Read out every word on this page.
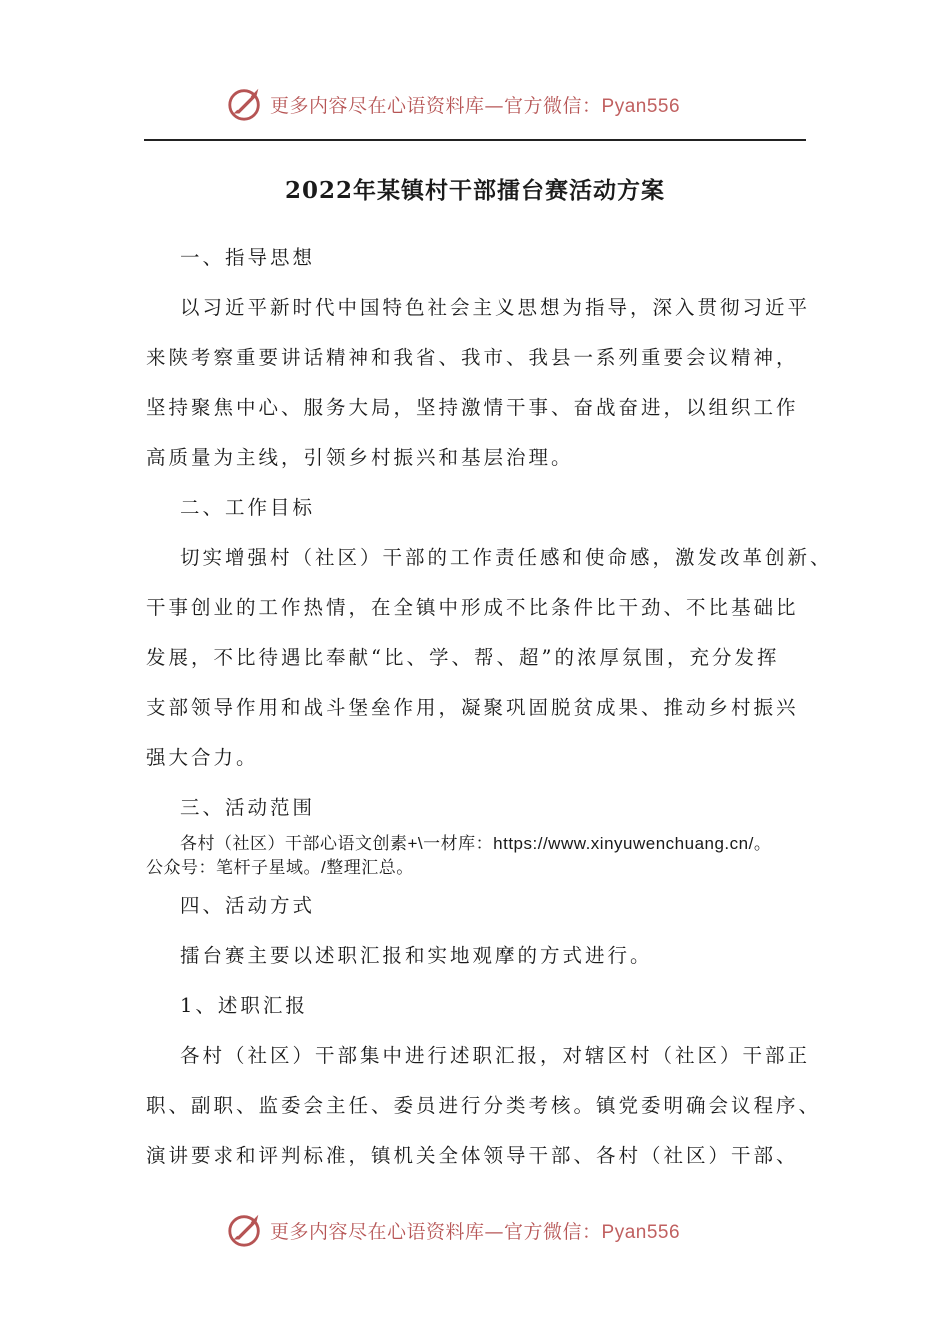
更多内容尽在心语资料库—官方微信：Pyan556
2022年某镇村干部擂台赛活动方案
一、指导思想
以习近平新时代中国特色社会主义思想为指导，深入贯彻习近平
来陕考察重要讲话精神和我省、我市、我县一系列重要会议精神，
坚持聚焦中心、服务大局，坚持激情干事、奋战奋进，以组织工作
高质量为主线，引领乡村振兴和基层治理。
二、工作目标
切实增强村（社区）干部的工作责任感和使命感，激发改革创新、
干事创业的工作热情，在全镇中形成不比条件比干劲、不比基础比
发展，不比待遇比奉献“比、学、帮、超”的浓厚氛围，充分发挥
支部领导作用和战斗堡垒作用，凝聚巩固脱贫成果、推动乡村振兴
强大合力。
三、活动范围
各村（社区）干部心语文创素+\一材库：https://www.xinyuwenchuang.cn/。
公众号：笔杆子星域。/整理汇总。
四、活动方式
擂台赛主要以述职汇报和实地观摩的方式进行。
1、述职汇报
各村（社区）干部集中进行述职汇报，对辖区村（社区）干部正
职、副职、监委会主任、委员进行分类考核。镇党委明确会议程序、
演讲要求和评判标准，镇机关全体领导干部、各村（社区）干部、
更多内容尽在心语资料库—官方微信：Pyan556
